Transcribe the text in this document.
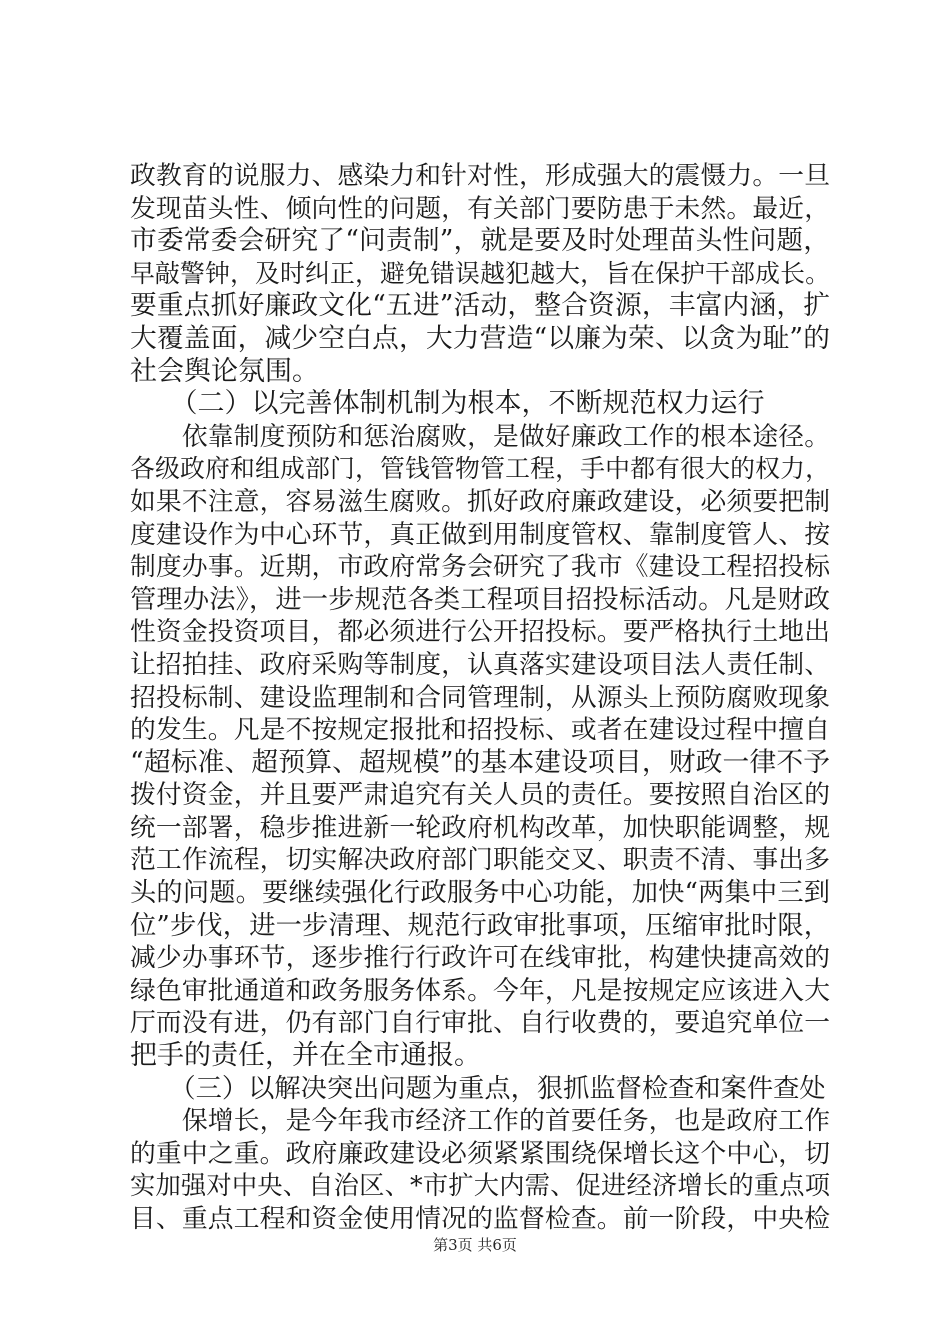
政教育的说服力、感染力和针对性，形成强大的震慑力。一旦
发现苗头性、倾向性的问题，有关部门要防患于未然。最近，
市委常委会研究了“问责制”，就是要及时处理苗头性问题，
早敲警钟，及时纠正，避免错误越犯越大，旨在保护干部成长。
要重点抓好廉政文化“五进”活动，整合资源，丰富内涵，扩
大覆盖面，减少空白点，大力营造“以廉为荣、以贪为耻”的
社会舆论氛围。
　　（二）以完善体制机制为根本，不断规范权力运行
　　依靠制度预防和惩治腐败，是做好廉政工作的根本途径。
各级政府和组成部门，管钱管物管工程，手中都有很大的权力，
如果不注意，容易滋生腐败。抓好政府廉政建设，必须要把制
度建设作为中心环节，真正做到用制度管权、靠制度管人、按
制度办事。近期，市政府常务会研究了我市《建设工程招投标
管理办法》，进一步规范各类工程项目招投标活动。凡是财政
性资金投资项目，都必须进行公开招投标。要严格执行土地出
让招拍挂、政府采购等制度，认真落实建设项目法人责任制、
招投标制、建设监理制和合同管理制，从源头上预防腐败现象
的发生。凡是不按规定报批和招投标、或者在建设过程中擅自
“超标准、超预算、超规模”的基本建设项目，财政一律不予
拨付资金，并且要严肃追究有关人员的责任。要按照自治区的
统一部署，稳步推进新一轮政府机构改革，加快职能调整，规
范工作流程，切实解决政府部门职能交叉、职责不清、事出多
头的问题。要继续强化行政服务中心功能，加快“两集中三到
位”步伐，进一步清理、规范行政审批事项，压缩审批时限，
减少办事环节，逐步推行行政许可在线审批，构建快捷高效的
绿色审批通道和政务服务体系。今年，凡是按规定应该进入大
厅而没有进，仍有部门自行审批、自行收费的，要追究单位一
把手的责任，并在全市通报。
　　（三）以解决突出问题为重点，狠抓监督检查和案件查处
　　保增长，是今年我市经济工作的首要任务，也是政府工作
的重中之重。政府廉政建设必须紧紧围绕保增长这个中心，切
实加强对中央、自治区、*市扩大内需、促进经济增长的重点项
目、重点工程和资金使用情况的监督检查。前一阶段，中央检
第3页 共6页
